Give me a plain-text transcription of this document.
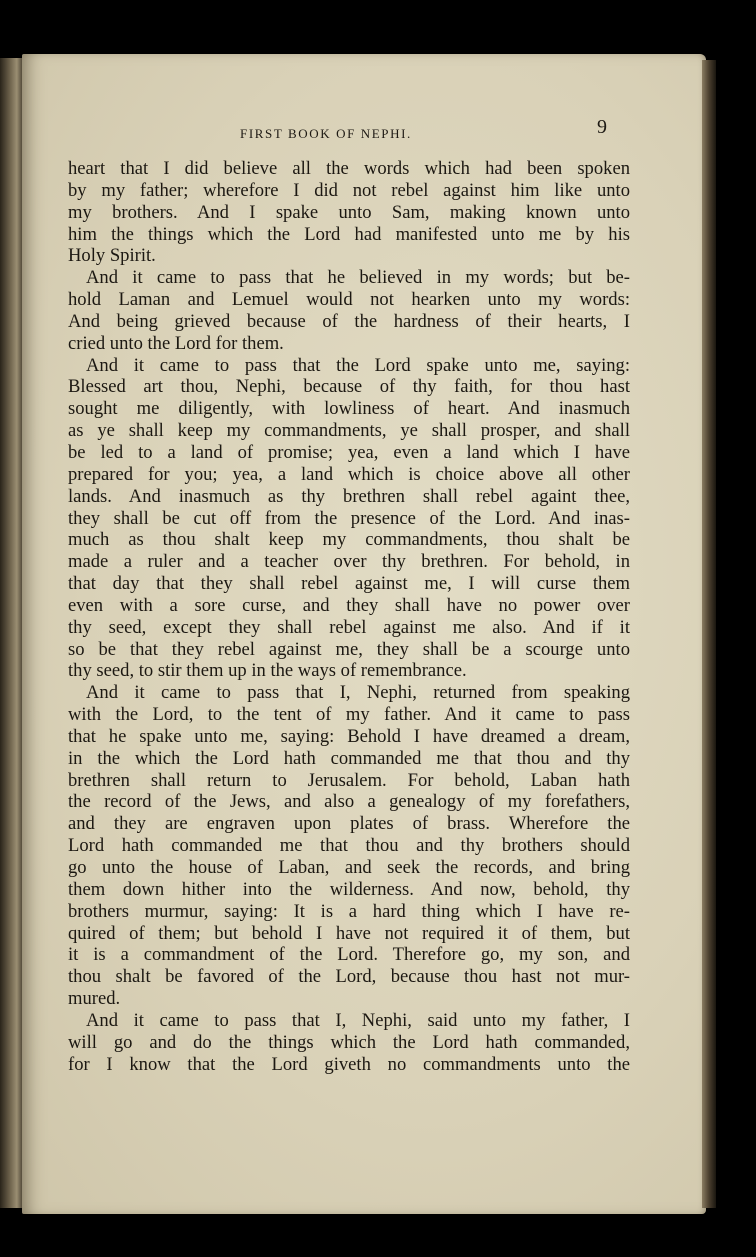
FIRST BOOK OF NEPHI.	9
heart that I did believe all the words which had been spoken
by my father; wherefore I did not rebel against him like unto
my brothers. And I spake unto Sam, making known unto
him the things which the Lord had manifested unto me by his
Holy Spirit.
And it came to pass that he believed in my words; but be-
hold Laman and Lemuel would not hearken unto my words:
And being grieved because of the hardness of their hearts, I
cried unto the Lord for them.
And it came to pass that the Lord spake unto me, saying:
Blessed art thou, Nephi, because of thy faith, for thou hast
sought me diligently, with lowliness of heart. And inasmuch
as ye shall keep my commandments, ye shall prosper, and shall
be led to a land of promise; yea, even a land which I have
prepared for you; yea, a land which is choice above all other
lands. And inasmuch as thy brethren shall rebel againt thee,
they shall be cut off from the presence of the Lord. And inas-
much as thou shalt keep my commandments, thou shalt be
made a ruler and a teacher over thy brethren. For behold, in
that day that they shall rebel against me, I will curse them
even with a sore curse, and they shall have no power over
thy seed, except they shall rebel against me also. And if it
so be that they rebel against me, they shall be a scourge unto
thy seed, to stir them up in the ways of remembrance.
And it came to pass that I, Nephi, returned from speaking
with the Lord, to the tent of my father. And it came to pass
that he spake unto me, saying: Behold I have dreamed a dream,
in the which the Lord hath commanded me that thou and thy
brethren shall return to Jerusalem. For behold, Laban hath
the record of the Jews, and also a genealogy of my forefathers,
and they are engraven upon plates of brass. Wherefore the
Lord hath commanded me that thou and thy brothers should
go unto the house of Laban, and seek the records, and bring
them down hither into the wilderness. And now, behold, thy
brothers murmur, saying: It is a hard thing which I have re-
quired of them; but behold I have not required it of them, but
it is a commandment of the Lord. Therefore go, my son, and
thou shalt be favored of the Lord, because thou hast not mur-
mured.
And it came to pass that I, Nephi, said unto my father, I
will go and do the things which the Lord hath commanded,
for I know that the Lord giveth no commandments unto the
